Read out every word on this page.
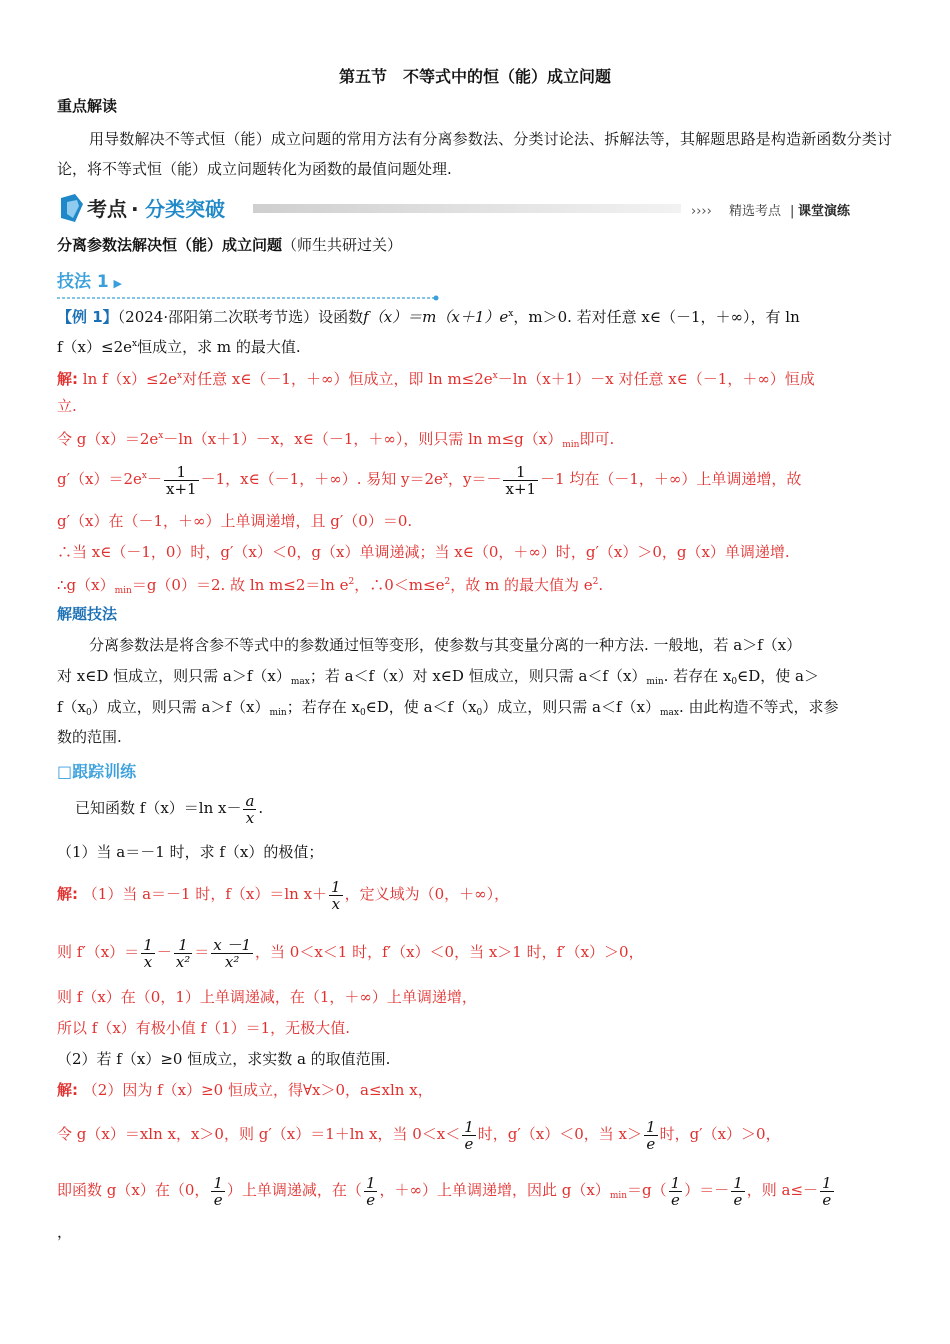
第五节　不等式中的恒（能）成立问题
重点解读
用导数解决不等式恒（能）成立问题的常用方法有分离参数法、分类讨论法、拆解法等，其解题思路是构造新函数分类讨论，将不等式恒（能）成立问题转化为函数的最值问题处理.
考点 · 分类突破	›››› 精选考点 | 课堂演练
分离参数法解决恒（能）成立问题（师生共研过关）
技法 1 ▶
【例 1】（2024·邵阳第二次联考节选）设函数$f(x)=m(x+1)e^x$，m＞0. 若对任意 x∈（－1，＋∞），有 ln
$f(x)\le 2e^x$恒成立，求 m 的最大值.
解: $\ln f(x)\le 2e^x$对任意 x∈（－1，＋∞）恒成立，即 $\ln m\le 2e^x-\ln(x+1)-x$ 对任意 x∈（－1，＋∞）恒成
立.
令 $g(x)=2e^x-\ln(x+1)-x$，x∈（－1，＋∞），则只需 $\ln m\le g(x)_{min}$即可.
$g'(x)=2e^x- \frac{1}{x+1} -1$，x∈（－1，＋∞）. 易知 $y=2e^x$，$y=- \frac{1}{x+1} -1$ 均在（－1，＋∞）上单调递增，故
g′（x）在（－1，＋∞）上单调递增，且 g′（0）＝0.
∴当 x∈（－1，0）时，g′（x）＜0，g（x）单调递减；当 x∈（0，＋∞）时，g′（x）＞0，g（x）单调递增.
$\therefore g(x)_{min}=g(0)=2$. 故 ln m≤2＝ln $e^2$，$\therefore 0<m\le e^2$，故 m 的最大值为 $e^2$.
解题技法
分离参数法是将含参不等式中的参数通过恒等变形，使参数与其变量分离的一种方法. 一般地，若 a＞f（x）
对 x∈D 恒成立，则只需 $a>f(x)_{max}$；若 a＜f（x）对 x∈D 恒成立，则只需 $a<f(x)_{min}$. 若存在 $x_0\in D$，使 a＞
$f(x_0)$成立，则只需 $a>f(x)_{min}$；若存在 $x_0\in D$，使 $a<f(x_0)$成立，则只需 $a<f(x)_{max}$. 由此构造不等式，求参
数的范围.
□跟踪训练
已知函数 f（x）＝ln $x- \frac{a}{x}$ .
（1）当 a＝－1 时，求 f（x）的极值；
解: （1）当 a＝－1 时，f（x）＝ln $x+ \frac{1}{x}$ ，定义域为（0，＋∞），
则 $f'(x)= \frac{1}{x} - \frac{1}{\text{x²}} = \frac{x -1}{\text{x²}}$ ，当 0＜x＜1 时，f′（x）＜0，当 x＞1 时，f′（x）＞0，
则 f（x）在（0，1）上单调递减，在（1，＋∞）上单调递增，
所以 f（x）有极小值 f（1）＝1，无极大值.
（2）若 f（x）≥0 恒成立，求实数 a 的取值范围.
解: （2）因为 f（x）≥0 恒成立，得∀x＞0，a≤xln x，
令 g（x）＝xln x，x＞0，则 g′（x）＝1＋ln x，当 $0<x< \frac{1}{e}$ 时，g′（x）＜0，当 $x> \frac{1}{e}$ 时，g′（x）＞0，
即函数 g（x）在（0， $\frac{1}{e}$ ）上单调递减，在（ $\frac{1}{e}$ ，＋∞）上单调递增，因此 $g(x)_{min}=g( \frac{1}{e}$ ）＝－ $\frac{1}{e}$ ，则 $a\le- \frac{1}{e}$
，
